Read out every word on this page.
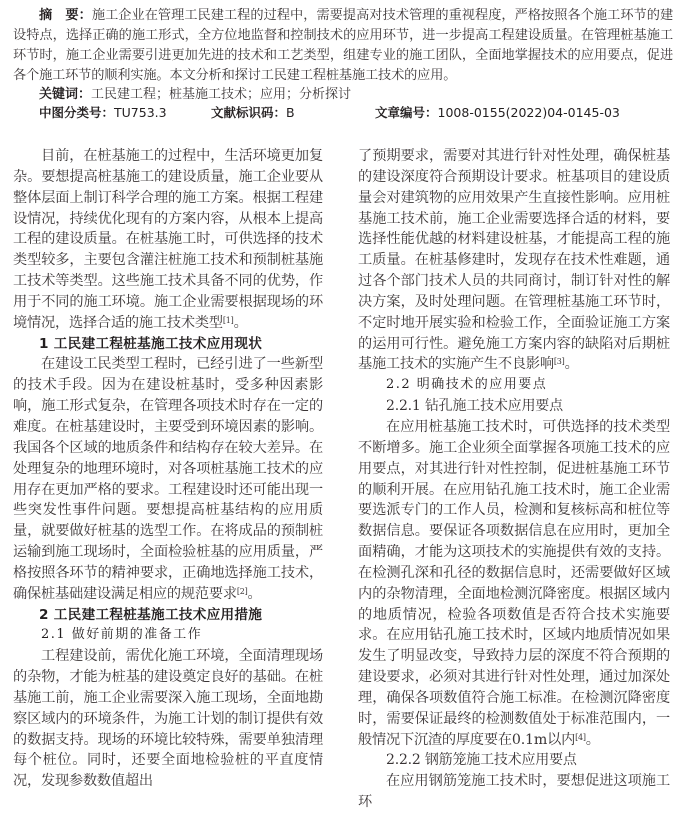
摘　要：施工企业在管理工民建工程的过程中，需要提高对技术管理的重视程度，严格按照各个施工环节的建设特点，选择正确的施工形式，全方位地监督和控制技术的应用环节，进一步提高工程建设质量。在管理桩基施工环节时，施工企业需要引进更加先进的技术和工艺类型，组建专业的施工团队，全面地掌握技术的应用要点，促进各个施工环节的顺利实施。本文分析和探讨工民建工程桩基施工技术的应用。

关键词：工民建工程；桩基施工技术；应用；分析探讨
中图分类号：TU753.3	文献标识码：B	文章编号：1008-0155(2022)04-0145-03

目前，在桩基施工的过程中，生活环境更加复杂。要想提高桩基施工的建设质量，施工企业要从整体层面上制订科学合理的施工方案。根据工程建设情况，持续优化现有的方案内容，从根本上提高工程的建设质量。在桩基施工时，可供选择的技术类型较多，主要包含灌注桩施工技术和预制桩基施工技术等类型。这些施工技术具备不同的优势，作用于不同的施工环境。施工企业需要根据现场的环境情况，选择合适的施工技术类型[1]。

1 工民建工程桩基施工技术应用现状

在建设工民类型工程时，已经引进了一些新型的技术手段。因为在建设桩基时，受多种因素影响，施工形式复杂，在管理各项技术时存在一定的难度。在桩基建设时，主要受到环境因素的影响。我国各个区域的地质条件和结构存在较大差异。在处理复杂的地理环境时，对各项桩基施工技术的应用存在更加严格的要求。工程建设时还可能出现一些突发性事件问题。要想提高桩基结构的应用质量，就要做好桩基的选型工作。在将成品的预制桩运输到施工现场时，全面检验桩基的应用质量，严格按照各环节的精神要求，正确地选择施工技术，确保桩基础建设满足相应的规范要求[2]。

2 工民建工程桩基施工技术应用措施
2.1 做好前期的准备工作

工程建设前，需优化施工环境，全面清理现场的杂物，才能为桩基的建设奠定良好的基础。在桩基施工前，施工企业需要深入施工现场，全面地勘察区域内的环境条件，为施工计划的制订提供有效的数据支持。现场的环境比较特殊，需要单独清理每个桩位。同时，还要全面地检验桩的平直度情况，发现参数数值超出

了预期要求，需要对其进行针对性处理，确保桩基的建设深度符合预期设计要求。桩基项目的建设质量会对建筑物的应用效果产生直接性影响。应用桩基施工技术前，施工企业需要选择合适的材料，要选择性能优越的材料建设桩基，才能提高工程的施工质量。在桩基修建时，发现存在技术性难题，通过各个部门技术人员的共同商讨，制订针对性的解决方案，及时处理问题。在管理桩基施工环节时，不定时地开展实验和检验工作，全面验证施工方案的运用可行性。避免施工方案内容的缺陷对后期桩基施工技术的实施产生不良影响[3]。

2.2 明确技术的应用要点
2.2.1 钻孔施工技术应用要点

在应用桩基施工技术时，可供选择的技术类型不断增多。施工企业须全面掌握各项施工技术的应用要点，对其进行针对性控制，促进桩基施工环节的顺利开展。在应用钻孔施工技术时，施工企业需要选派专门的工作人员，检测和复核标高和桩位等数据信息。要保证各项数据信息在应用时，更加全面精确，才能为这项技术的实施提供有效的支持。在检测孔深和孔径的数据信息时，还需要做好区域内的杂物清理，全面地检测沉降密度。根据区域内的地质情况，检验各项数值是否符合技术实施要求。在应用钻孔施工技术时，区域内地质情况如果发生了明显改变，导致持力层的深度不符合预期的建设要求，必须对其进行针对性处理，通过加深处理，确保各项数值符合施工标准。在检测沉降密度时，需要保证最终的检测数值处于标准范围内，一般情况下沉渣的厚度要在0.1m以内[4]。

2.2.2 钢筋笼施工技术应用要点

在应用钢筋笼施工技术时，要想促进这项施工环
